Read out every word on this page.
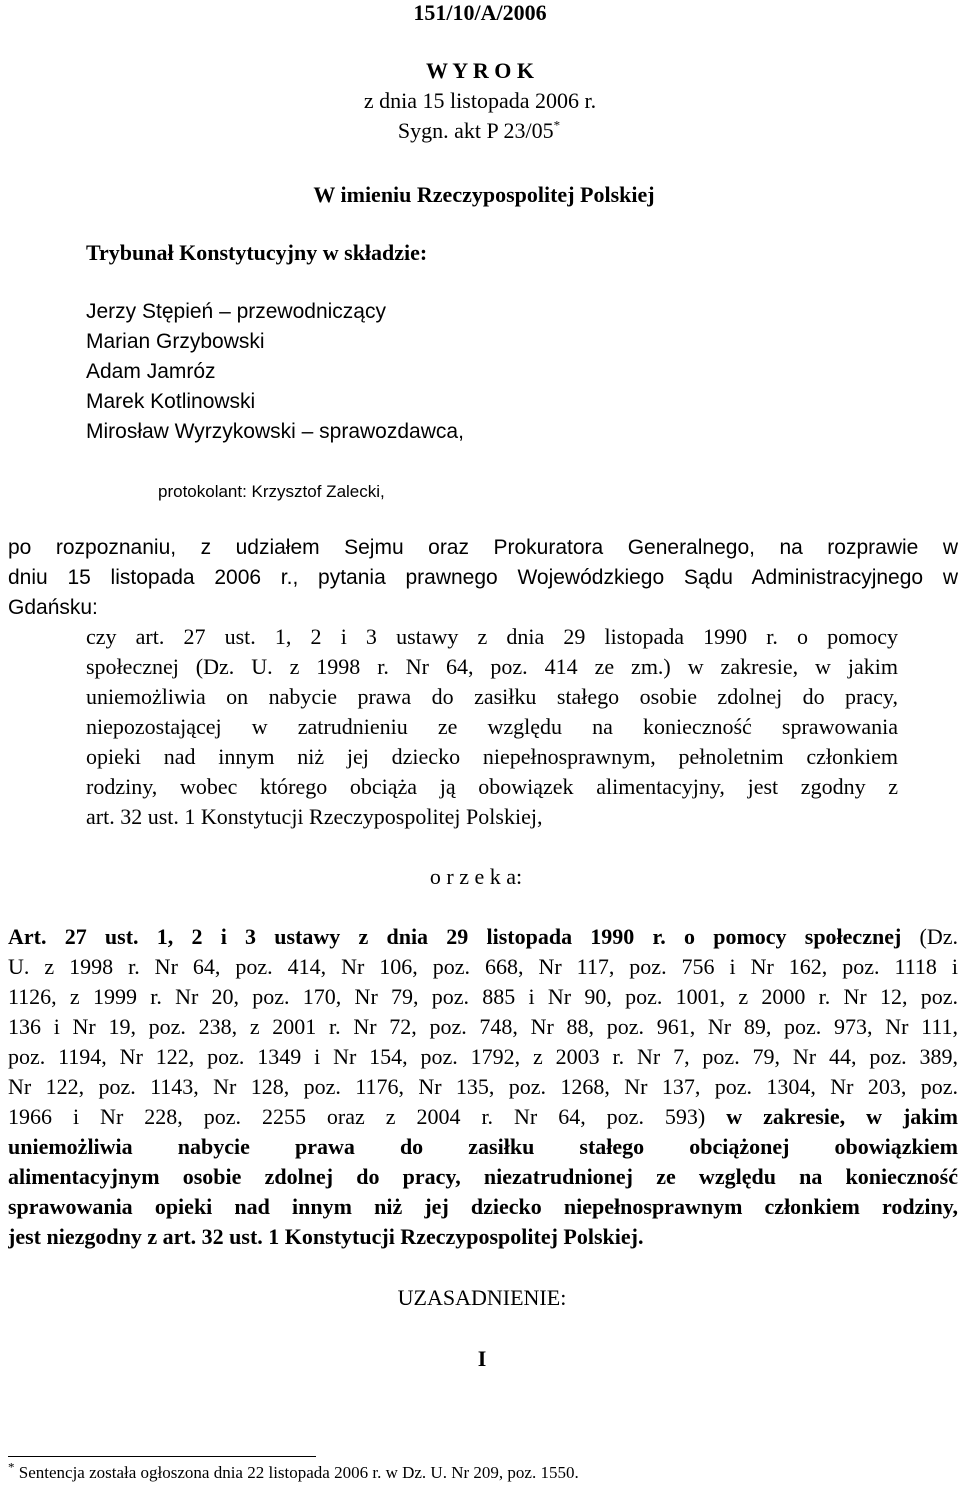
151/10/A/2006
W Y R O K
z dnia 15 listopada 2006 r.
Sygn. akt P 23/05*
W imieniu Rzeczypospolitej Polskiej
Trybunał Konstytucyjny w składzie:
Jerzy Stępień – przewodniczący
Marian Grzybowski
Adam Jamróz
Marek Kotlinowski
Mirosław Wyrzykowski – sprawozdawca,
protokolant: Krzysztof Zalecki,
po rozpoznaniu, z udziałem Sejmu oraz Prokuratora Generalnego, na rozprawie w
dniu 15 listopada 2006 r., pytania prawnego Wojewódzkiego Sądu Administracyjnego w
Gdańsku:
czy art. 27 ust. 1, 2 i 3 ustawy z dnia 29 listopada 1990 r. o pomocy
społecznej (Dz. U. z 1998 r. Nr 64, poz. 414 ze zm.) w zakresie, w jakim
uniemożliwia on nabycie prawa do zasiłku stałego osobie zdolnej do pracy,
niepozostającej w zatrudnieniu ze względu na konieczność sprawowania
opieki nad innym niż jej dziecko niepełnosprawnym, pełnoletnim członkiem
rodziny, wobec którego obciąża ją obowiązek alimentacyjny, jest zgodny z
art. 32 ust. 1 Konstytucji Rzeczypospolitej Polskiej,
o r z e k a:
Art. 27 ust. 1, 2 i 3 ustawy z dnia 29 listopada 1990 r. o pomocy społecznej (Dz.
U. z 1998 r. Nr 64, poz. 414, Nr 106, poz. 668, Nr 117, poz. 756 i Nr 162, poz. 1118 i
1126, z 1999 r. Nr 20, poz. 170, Nr 79, poz. 885 i Nr 90, poz. 1001, z 2000 r. Nr 12, poz.
136 i Nr 19, poz. 238, z 2001 r. Nr 72, poz. 748, Nr 88, poz. 961, Nr 89, poz. 973, Nr 111,
poz. 1194, Nr 122, poz. 1349 i Nr 154, poz. 1792, z 2003 r. Nr 7, poz. 79, Nr 44, poz. 389,
Nr 122, poz. 1143, Nr 128, poz. 1176, Nr 135, poz. 1268, Nr 137, poz. 1304, Nr 203, poz.
1966 i Nr 228, poz. 2255 oraz z 2004 r. Nr 64, poz. 593) w zakresie, w jakim
uniemożliwia nabycie prawa do zasiłku stałego obciążonej obowiązkiem
alimentacyjnym osobie zdolnej do pracy, niezatrudnionej ze względu na konieczność
sprawowania opieki nad innym niż jej dziecko niepełnosprawnym członkiem rodziny,
jest niezgodny z art. 32 ust. 1 Konstytucji Rzeczypospolitej Polskiej.
UZASADNIENIE:
I
* Sentencja została ogłoszona dnia 22 listopada 2006 r. w Dz. U. Nr 209, poz. 1550.
